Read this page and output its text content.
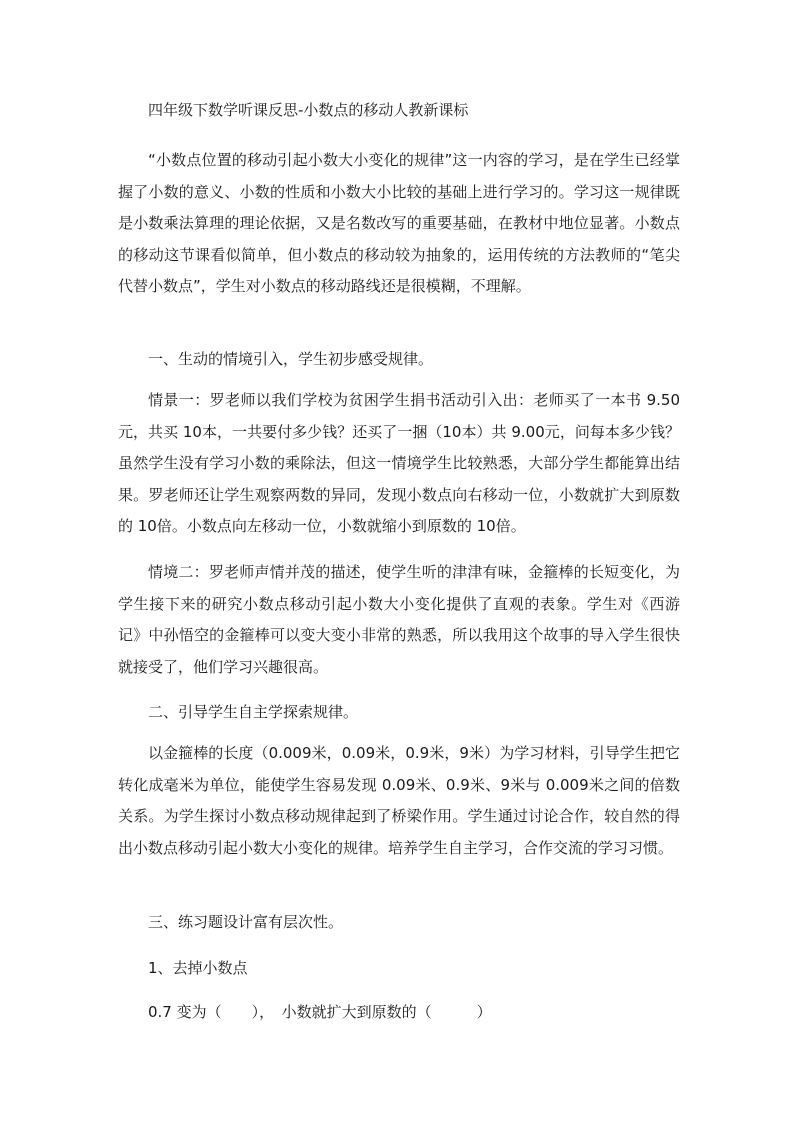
四年级下数学听课反思-小数点的移动人教新课标

“小数点位置的移动引起小数大小变化的规律”这一内容的学习，是在学生已经掌握了小数的意义、小数的性质和小数大小比较的基础上进行学习的。学习这一规律既是小数乘法算理的理论依据，又是名数改写的重要基础，在教材中地位显著。小数点的移动这节课看似简单，但小数点的移动较为抽象的，运用传统的方法教师的“笔尖代替小数点”，学生对小数点的移动路线还是很模糊，不理解。

一、生动的情境引入，学生初步感受规律。

情景一：罗老师以我们学校为贫困学生捐书活动引入出：老师买了一本书 9.50元，共买 10本，一共要付多少钱？还买了一捆（10本）共 9.00元，问每本多少钱？虽然学生没有学习小数的乘除法，但这一情境学生比较熟悉，大部分学生都能算出结果。罗老师还让学生观察两数的异同，发现小数点向右移动一位，小数就扩大到原数的 10倍。小数点向左移动一位，小数就缩小到原数的 10倍。

情境二：罗老师声情并茂的描述，使学生听的津津有味，金箍棒的长短变化，为学生接下来的研究小数点移动引起小数大小变化提供了直观的表象。学生对《西游记》中孙悟空的金箍棒可以变大变小非常的熟悉，所以我用这个故事的导入学生很快就接受了，他们学习兴趣很高。

二、引导学生自主学探索规律。

以金箍棒的长度（0.009米，0.09米，0.9米，9米）为学习材料，引导学生把它转化成毫米为单位，能使学生容易发现 0.09米、0.9米、9米与 0.009米之间的倍数关系。为学生探讨小数点移动规律起到了桥梁作用。学生通过讨论合作，较自然的得出小数点移动引起小数大小变化的规律。培养学生自主学习，合作交流的学习习惯。

三、练习题设计富有层次性。

1、去掉小数点

0.7 变为（　　），　小数就扩大到原数的（　　　）
